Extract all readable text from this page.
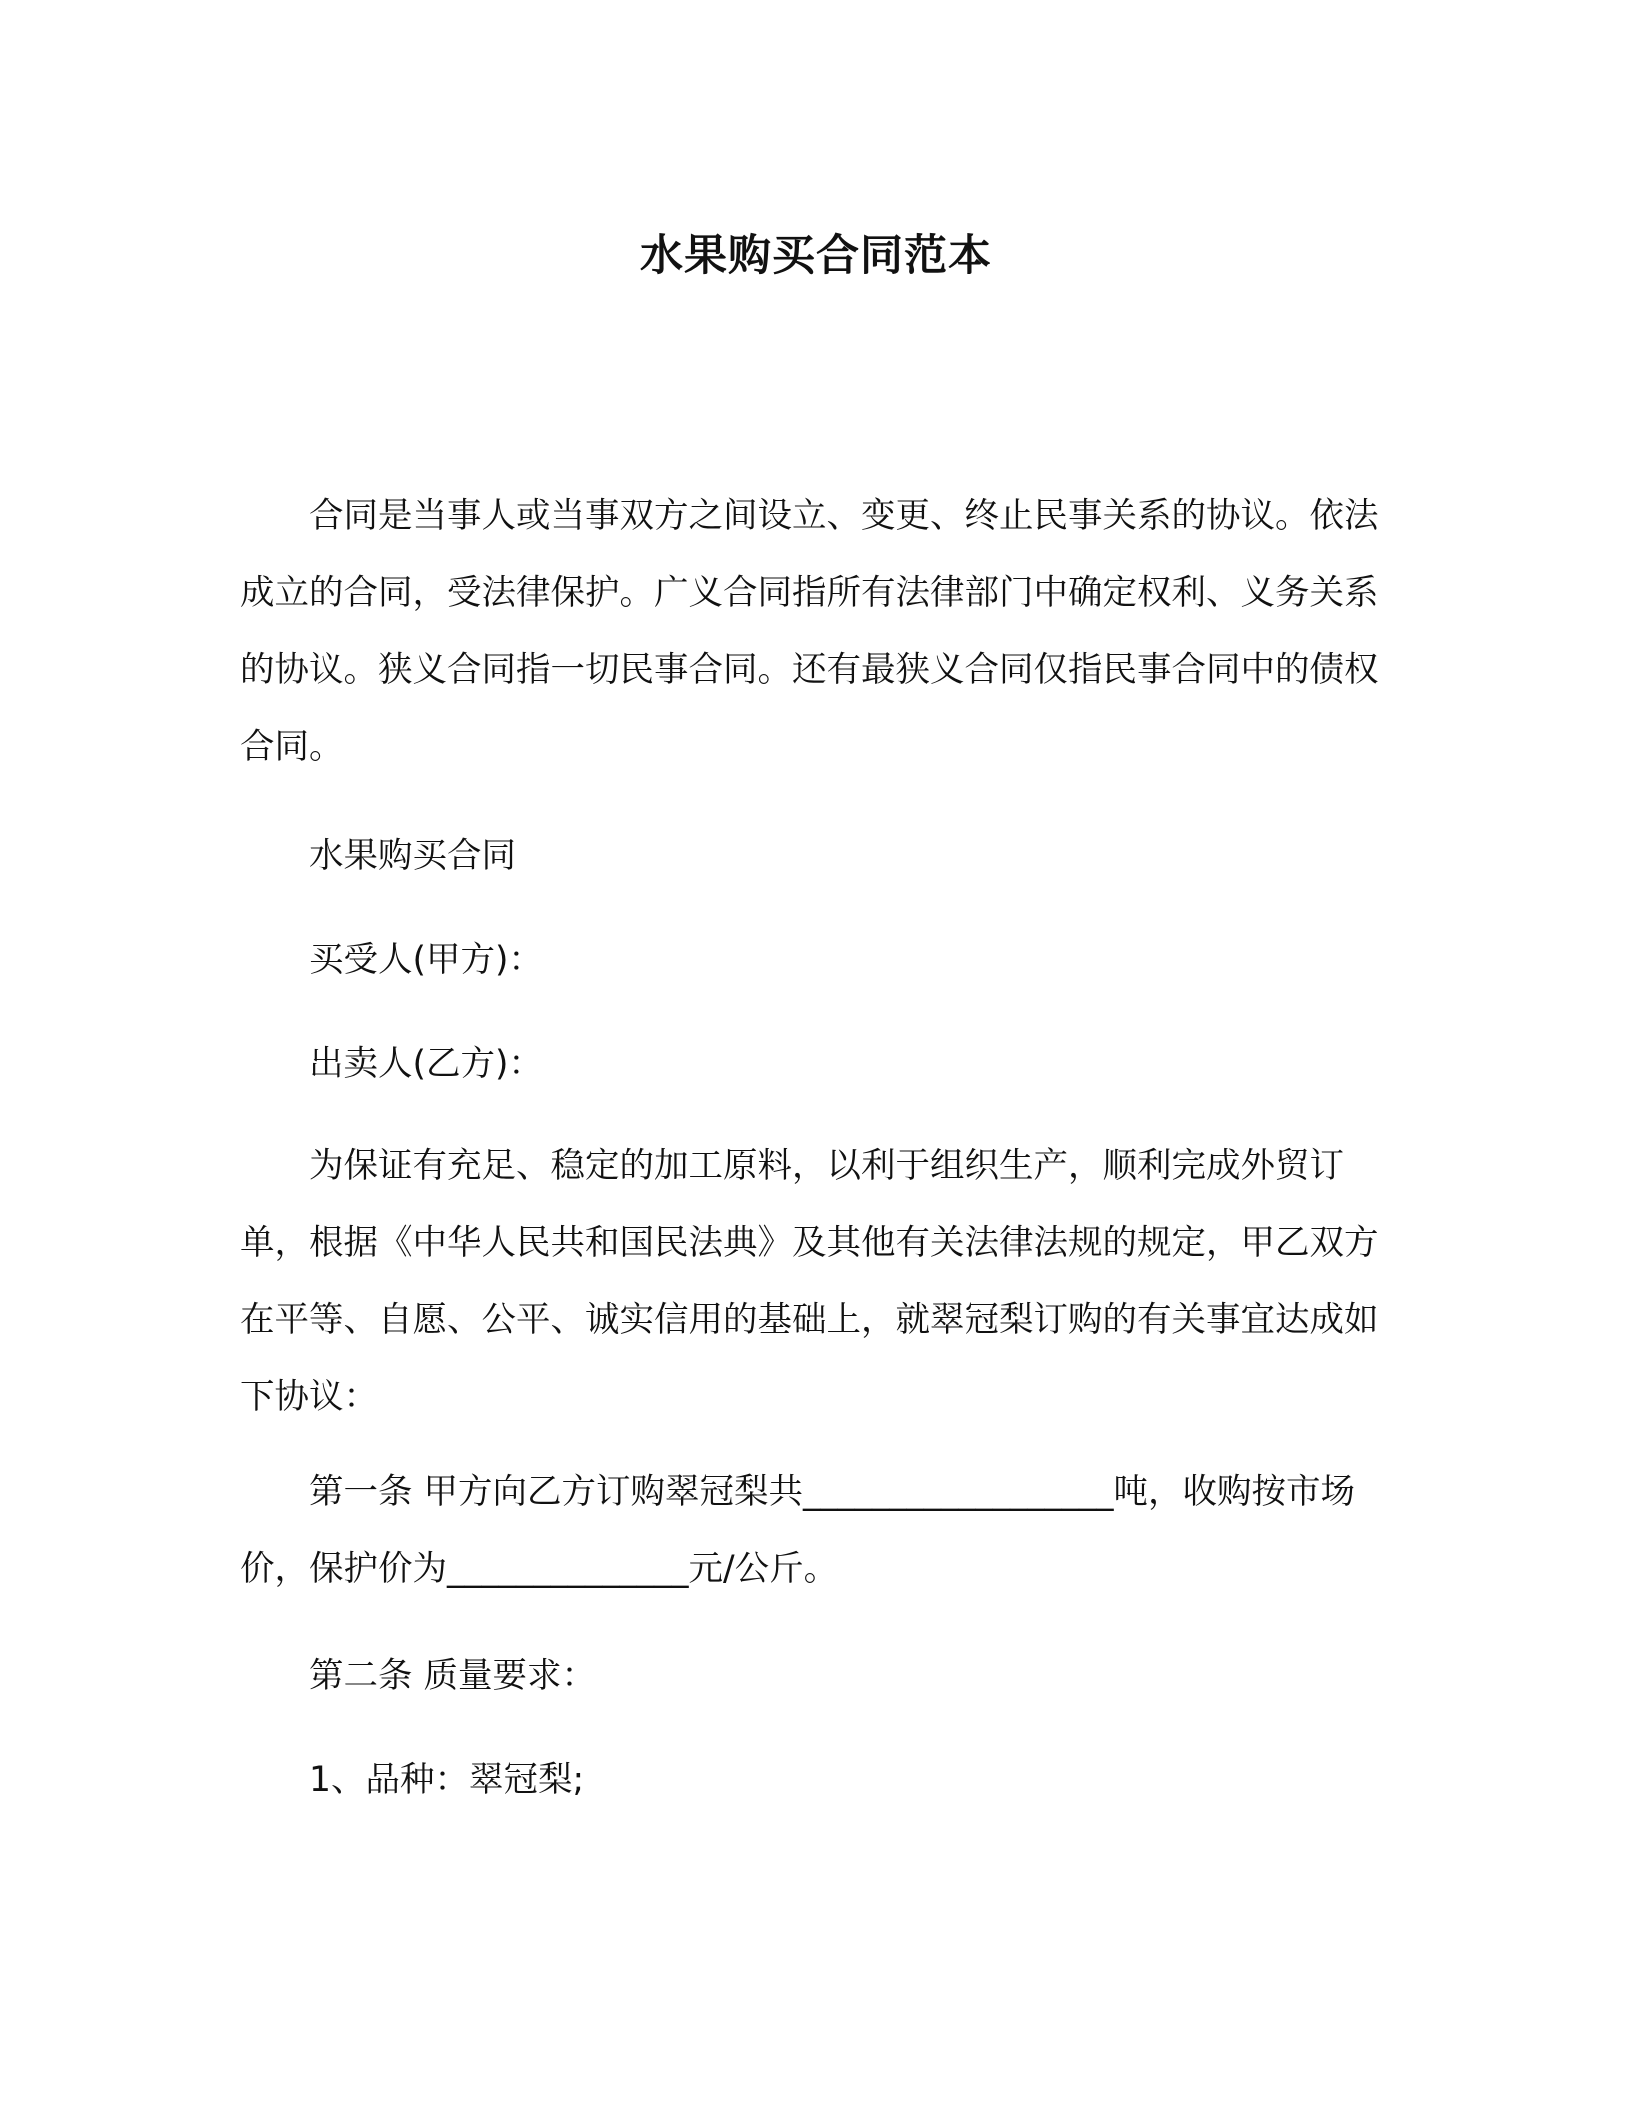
水果购买合同范本

合同是当事人或当事双方之间设立、变更、终止民事关系的协议。依法成立的合同，受法律保护。广义合同指所有法律部门中确定权利、义务关系的协议。狭义合同指一切民事合同。还有最狭义合同仅指民事合同中的债权合同。

水果购买合同

买受人(甲方)：

出卖人(乙方)：

为保证有充足、稳定的加工原料，以利于组织生产，顺利完成外贸订单，根据《中华人民共和国民法典》及其他有关法律法规的规定，甲乙双方在平等、自愿、公平、诚实信用的基础上，就翠冠梨订购的有关事宜达成如下协议：

第一条 甲方向乙方订购翠冠梨共__________________吨，收购按市场价，保护价为______________元/公斤。

第二条 质量要求：

1、品种：翠冠梨;
